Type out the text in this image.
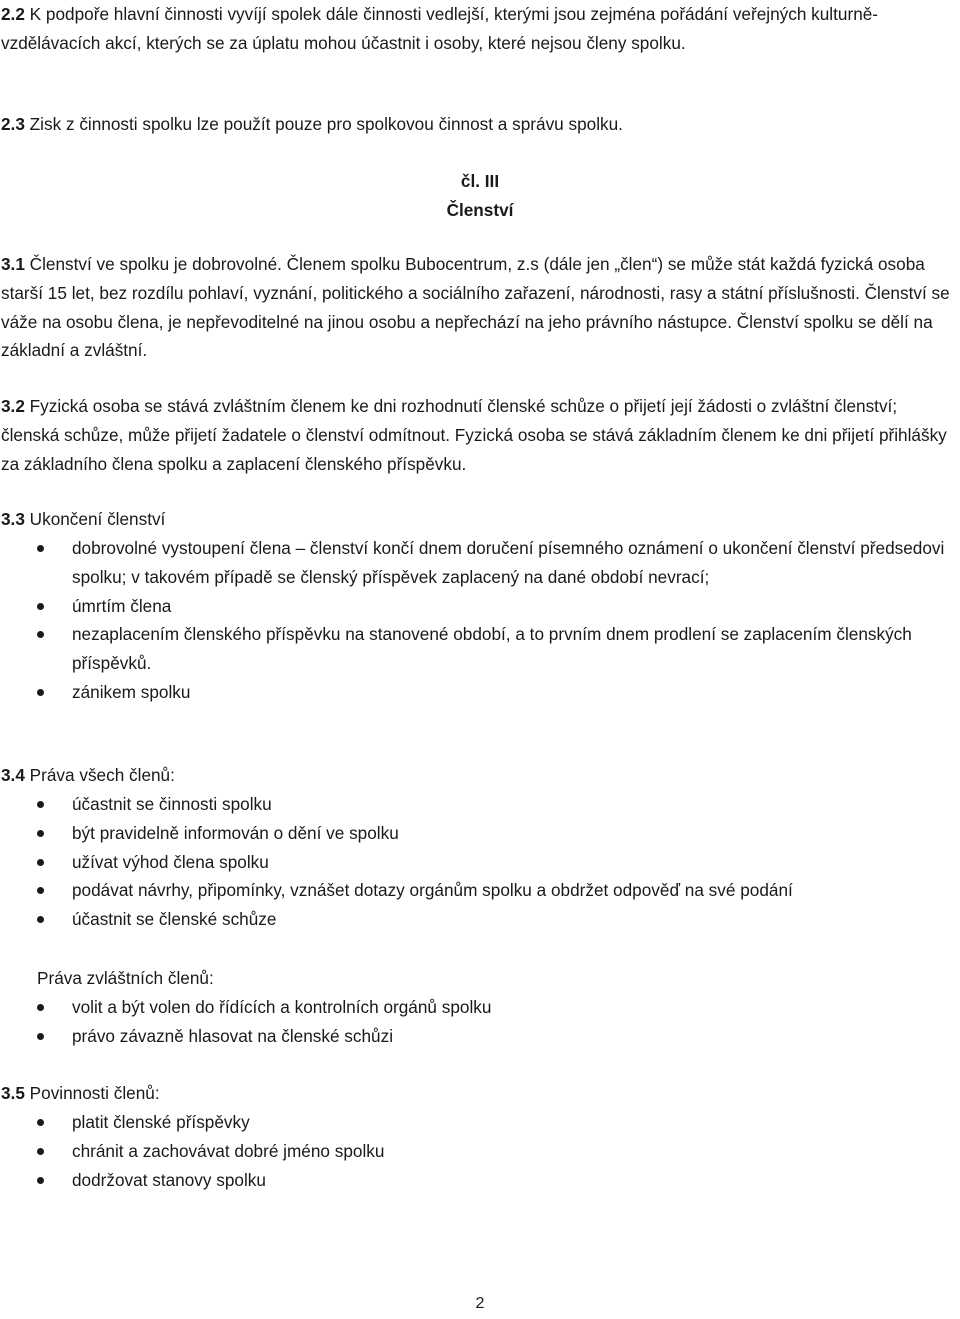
2.2 K podpoře hlavní činnosti vyvíjí spolek dále činnosti vedlejší, kterými jsou zejména pořádání veřejných kulturně-vzdělávacích akcí, kterých se za úplatu mohou účastnit i osoby, které nejsou členy spolku.

2.3 Zisk z činnosti spolku lze použít pouze pro spolkovou činnost a správu spolku.

čl. III

Členství

3.1 Členství ve spolku je dobrovolné. Členem spolku Bubocentrum, z.s (dále jen „člen“) se může stát každá fyzická osoba starší 15 let, bez rozdílu pohlaví, vyznání, politického a sociálního zařazení, národnosti, rasy a státní příslušnosti. Členství se váže na osobu člena, je nepřevoditelné na jinou osobu a nepřechází na jeho právního nástupce. Členství spolku se dělí na základní a zvláštní.

3.2 Fyzická osoba se stává zvláštním členem ke dni rozhodnutí členské schůze o přijetí její žádosti o zvláštní členství; členská schůze, může přijetí žadatele o členství odmítnout. Fyzická osoba se stává základním členem ke dni přijetí přihlášky za základního člena spolku a zaplacení členského příspěvku.

3.3 Ukončení členství

dobrovolné vystoupení člena – členství končí dnem doručení písemného oznámení o ukončení členství předsedovi spolku; v takovém případě se členský příspěvek zaplacený na dané období nevrací;
úmrtím člena
nezaplacením členského příspěvku na stanovené období, a to prvním dnem prodlení se zaplacením členských příspěvků.
zánikem spolku

3.4 Práva všech členů:

účastnit se činnosti spolku
být pravidelně informován o dění ve spolku
užívat výhod člena spolku
podávat návrhy, připomínky, vznášet dotazy orgánům spolku a obdržet odpověď na své podání
účastnit se členské schůze

Práva zvláštních členů:

volit a být volen do řídících a kontrolních orgánů spolku
právo závazně hlasovat na členské schůzi

3.5 Povinnosti členů:

platit členské příspěvky
chránit a zachovávat dobré jméno spolku
dodržovat stanovy spolku
2
